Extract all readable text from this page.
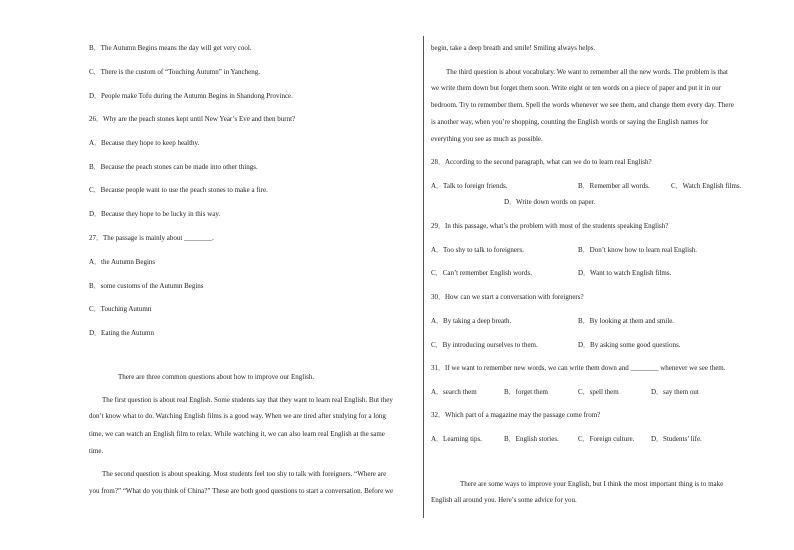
B．The Autumn Begins means the day will get very cool.
C．There is the custom of “Touching Autumn” in Yancheng.
D．People make Tofu during the Autumn Begins in Shandong Province.
26．Why are the peach stones kept until New Year’s Eve and then burnt?
A．Because they hope to keep healthy.
B．Because the peach stones can be made into other things.
C．Because people want to use the peach stones to make a fire.
D．Because they hope to be lucky in this way.
27．The passage is mainly about ________.
A．the Autumn Begins
B．some customs of the Autumn Begins
C．Touching Autumn
D．Eating the Autumn
There are three common questions about how to improve our English.
The first question is about real English. Some students say that they want to learn real English. But they
don’t know what to do. Watching English films is a good way. When we are tired after studying for a long
time, we can watch an English film to relax. While watching it, we can also learn real English at the same
time.
The second question is about speaking. Most students feel too shy to talk with foreigners. “Where are
you from?” “What do you think of China?” These are both good questions to start a conversation. Before we
begin, take a deep breath and smile! Smiling always helps.
The third question is about vocabulary. We want to remember all the new words. The problem is that
we write them down but forget them soon. Write eight or ten words on a piece of paper and put it in our
bedroom. Try to remember them. Spell the words whenever we see them, and change them every day. There
is another way, when you’re shopping, counting the English words or saying the English names for
everything you see as much as possible.
28．According to the second paragraph, what can we do to learn real English?
A．Talk to foreign friends.	B．Remember all words.	C．Watch English films.
D．Write down words on paper.
29．In this passage, what’s the problem with most of the students speaking English?
A．Too shy to talk to foreigners.	B．Don’t know how to learn real English.
C．Can’t remember English words.	D．Want to watch English films.
30．How can we start a conversation with foreigners?
A．By taking a deep breath.	B．By looking at them and smile.
C．By introducing ourselves to them.	D．By asking some good questions.
31．If we want to remember new words, we can write them down and ________ whenever we see them.
A．search them	B．forget them	C．spell them	D．say them out
32．Which part of a magazine may the passage come from?
A．Learning tips.	B．English stories.	C．Foreign culture. D．Students’ life.
There are some ways to improve your English, but I think the most important thing is to make
English all around you. Here’s some advice for you.
